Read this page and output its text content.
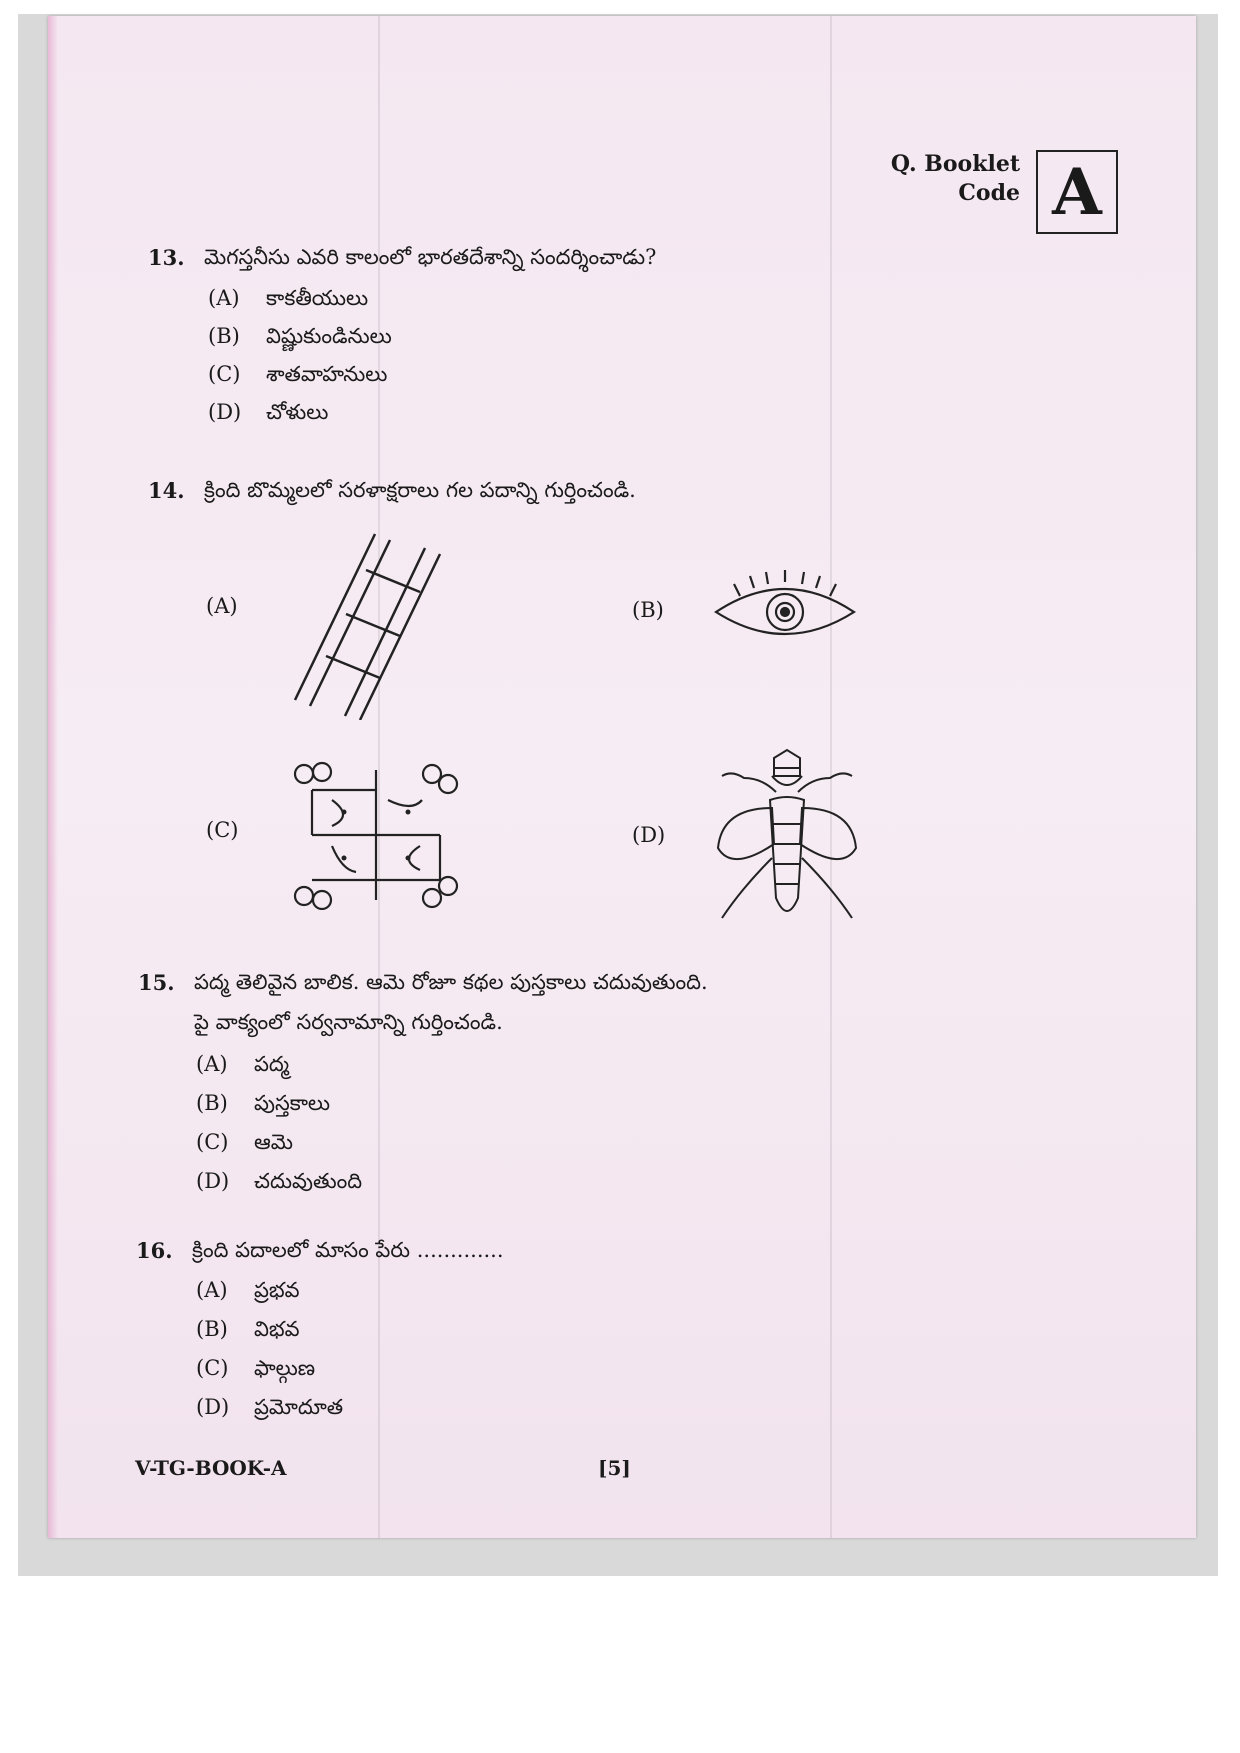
Q. Booklet
Code A
13. మెగస్తనీసు ఎవరి కాలంలో భారతదేశాన్ని సందర్శించాడు?
(A) కాకతీయులు
(B) విష్ణుకుండినులు
(C) శాతవాహనులు
(D) చోళులు
14. క్రింది బొమ్మలలో సరళాక్షరాలు గల పదాన్ని గుర్తించండి.
(A)	(B)
(C)	(D)
15. పద్మ తెలివైన బాలిక. ఆమె రోజూ కథల పుస్తకాలు చదువుతుంది.
పై వాక్యంలో సర్వనామాన్ని గుర్తించండి.
(A) పద్మ
(B) పుస్తకాలు
(C) ఆమె
(D) చదువుతుంది
16. క్రింది పదాలలో మాసం పేరు .............
(A) ప్రభవ
(B) విభవ
(C) ఫాల్గుణ
(D) ప్రమోదూత
V-TG-BOOK-A	[5]
